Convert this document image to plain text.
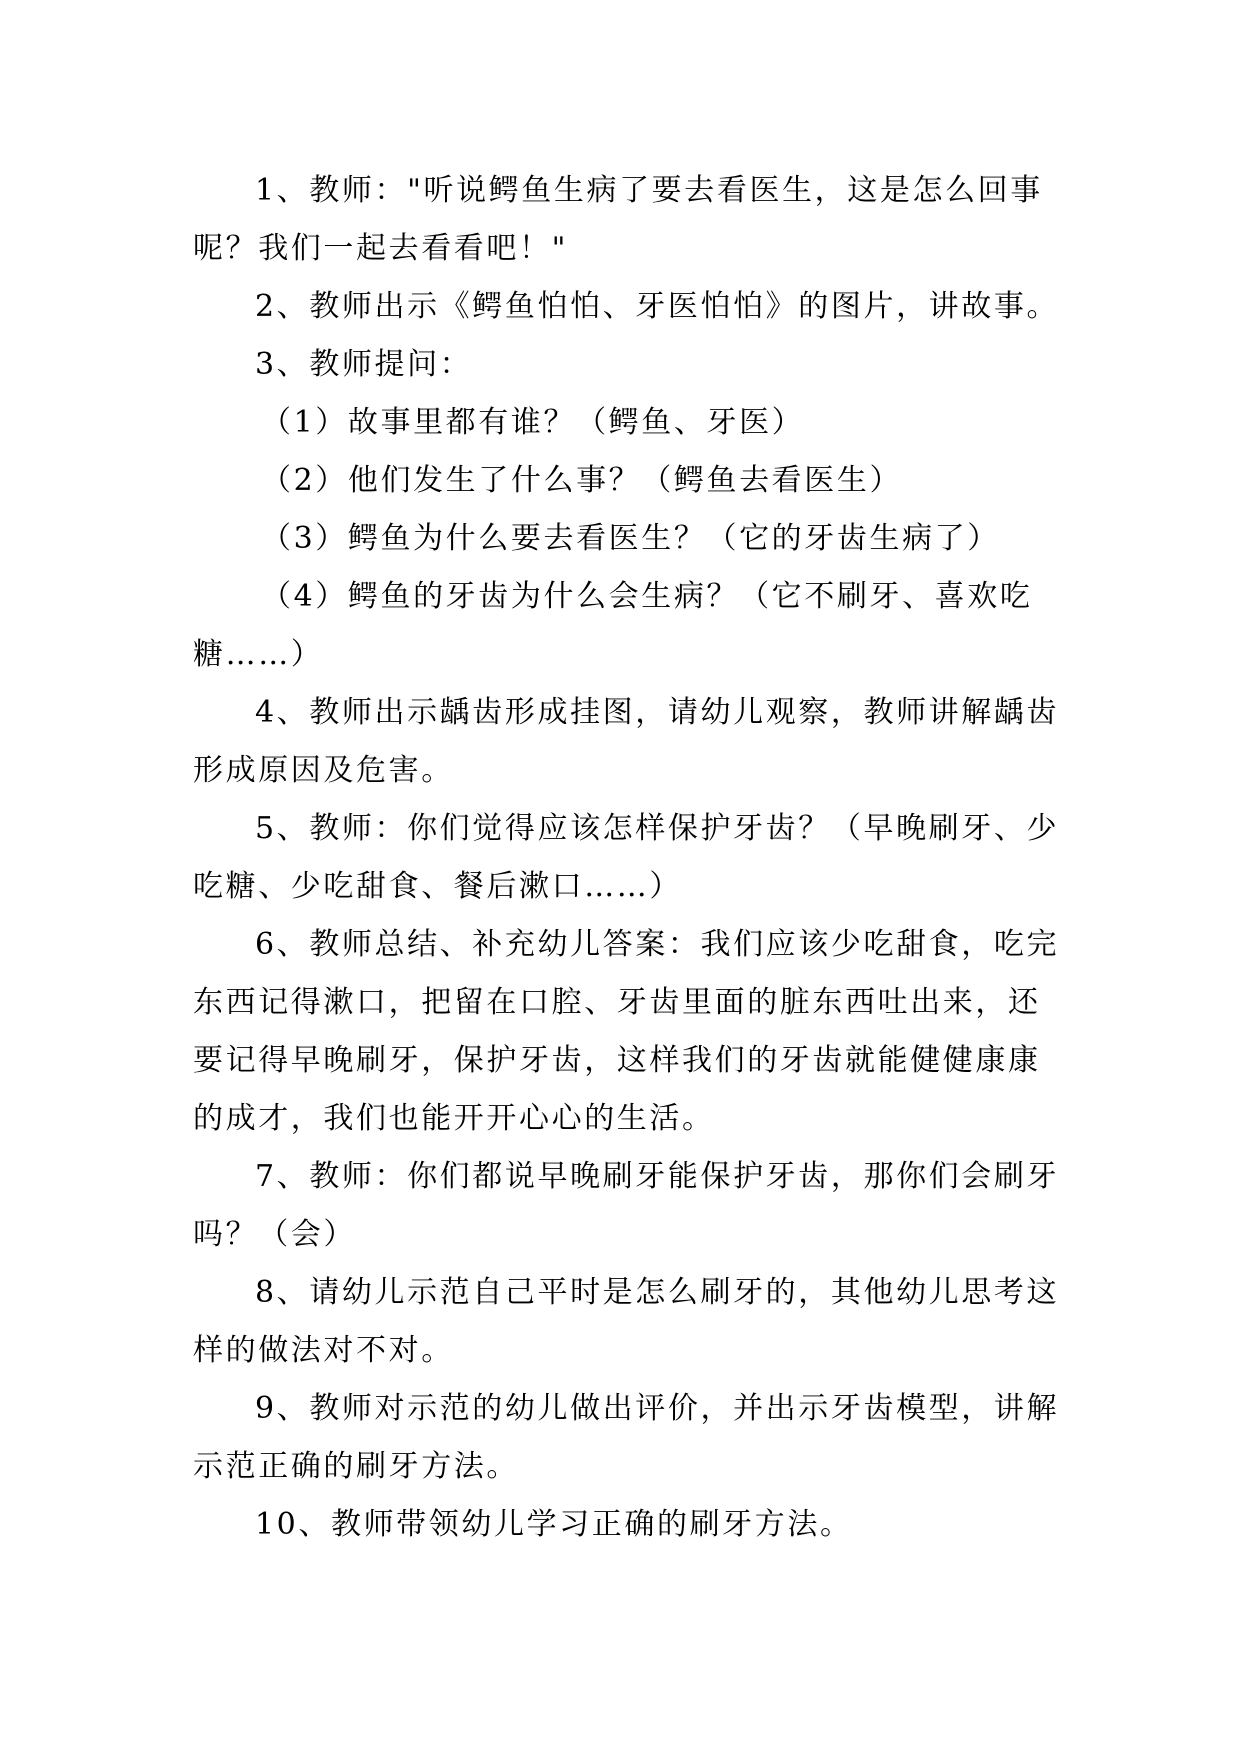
1、教师："听说鳄鱼生病了要去看医生，这是怎么回事呢？我们一起去看看吧！"

2、教师出示《鳄鱼怕怕、牙医怕怕》的图片，讲故事。

3、教师提问：

（1）故事里都有谁？（鳄鱼、牙医）

（2）他们发生了什么事？（鳄鱼去看医生）

（3）鳄鱼为什么要去看医生？（它的牙齿生病了）

（4）鳄鱼的牙齿为什么会生病？（它不刷牙、喜欢吃糖……）

4、教师出示龋齿形成挂图，请幼儿观察，教师讲解龋齿形成原因及危害。

5、教师：你们觉得应该怎样保护牙齿？（早晚刷牙、少吃糖、少吃甜食、餐后漱口……）

6、教师总结、补充幼儿答案：我们应该少吃甜食，吃完东西记得漱口，把留在口腔、牙齿里面的脏东西吐出来，还要记得早晚刷牙，保护牙齿，这样我们的牙齿就能健健康康的成才，我们也能开开心心的生活。

7、教师：你们都说早晚刷牙能保护牙齿，那你们会刷牙吗？（会）

8、请幼儿示范自己平时是怎么刷牙的，其他幼儿思考这样的做法对不对。

9、教师对示范的幼儿做出评价，并出示牙齿模型，讲解示范正确的刷牙方法。

10、教师带领幼儿学习正确的刷牙方法。
